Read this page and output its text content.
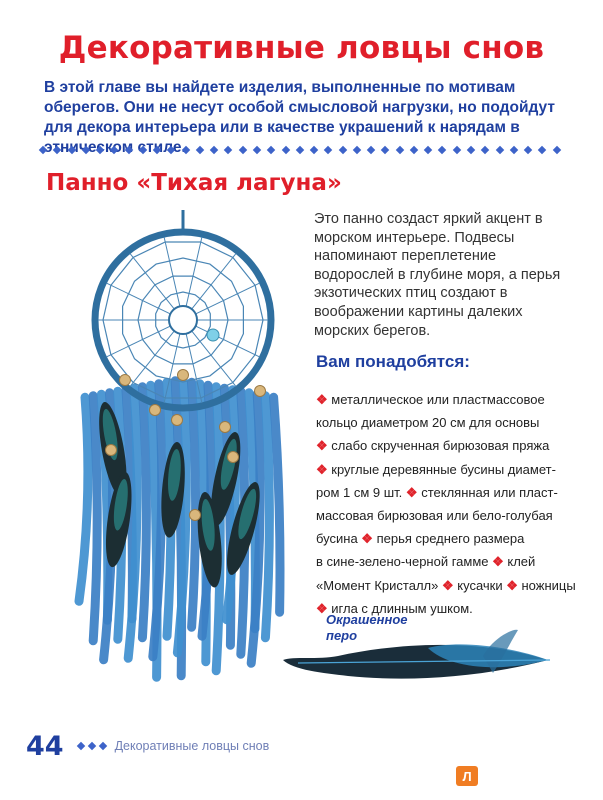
Декоративные ловцы снов

В этой главе вы найдете изделия, выполненные по мотивам оберегов. Они не несут особой смысловой нагрузки, но подойдут для декора интерьера или в качестве украшений к нарядам в стиле.

Панно «Тихая лагуна»

Это панно создаст яркий акцент в морском интерьере. Подвесы напоминают переплетение водорослей в глубине моря, а перья экзотических птиц создают в воображении картины далеких морских берегов.

Вам понадобятся:

❖ металлическое или пластмассовое

кольцо диаметром 20 см для основы

❖ слабо скрученная бирюзовая пряжа

❖ круглые деревянные бусины диамет-

ром 1 см 9 шт. ❖ стеклянная или пласт-

массовая бирюзовая или бело-голубая

бусина ❖ перья среднего размера

в сине-зелено-черной гамме ❖ клей

«Момент Кристалл» ❖ кусачки ❖ ножницы

❖ игла с длинным ушком.

Окрашенное
перо

44	Декоративные ловцы снов
Л
